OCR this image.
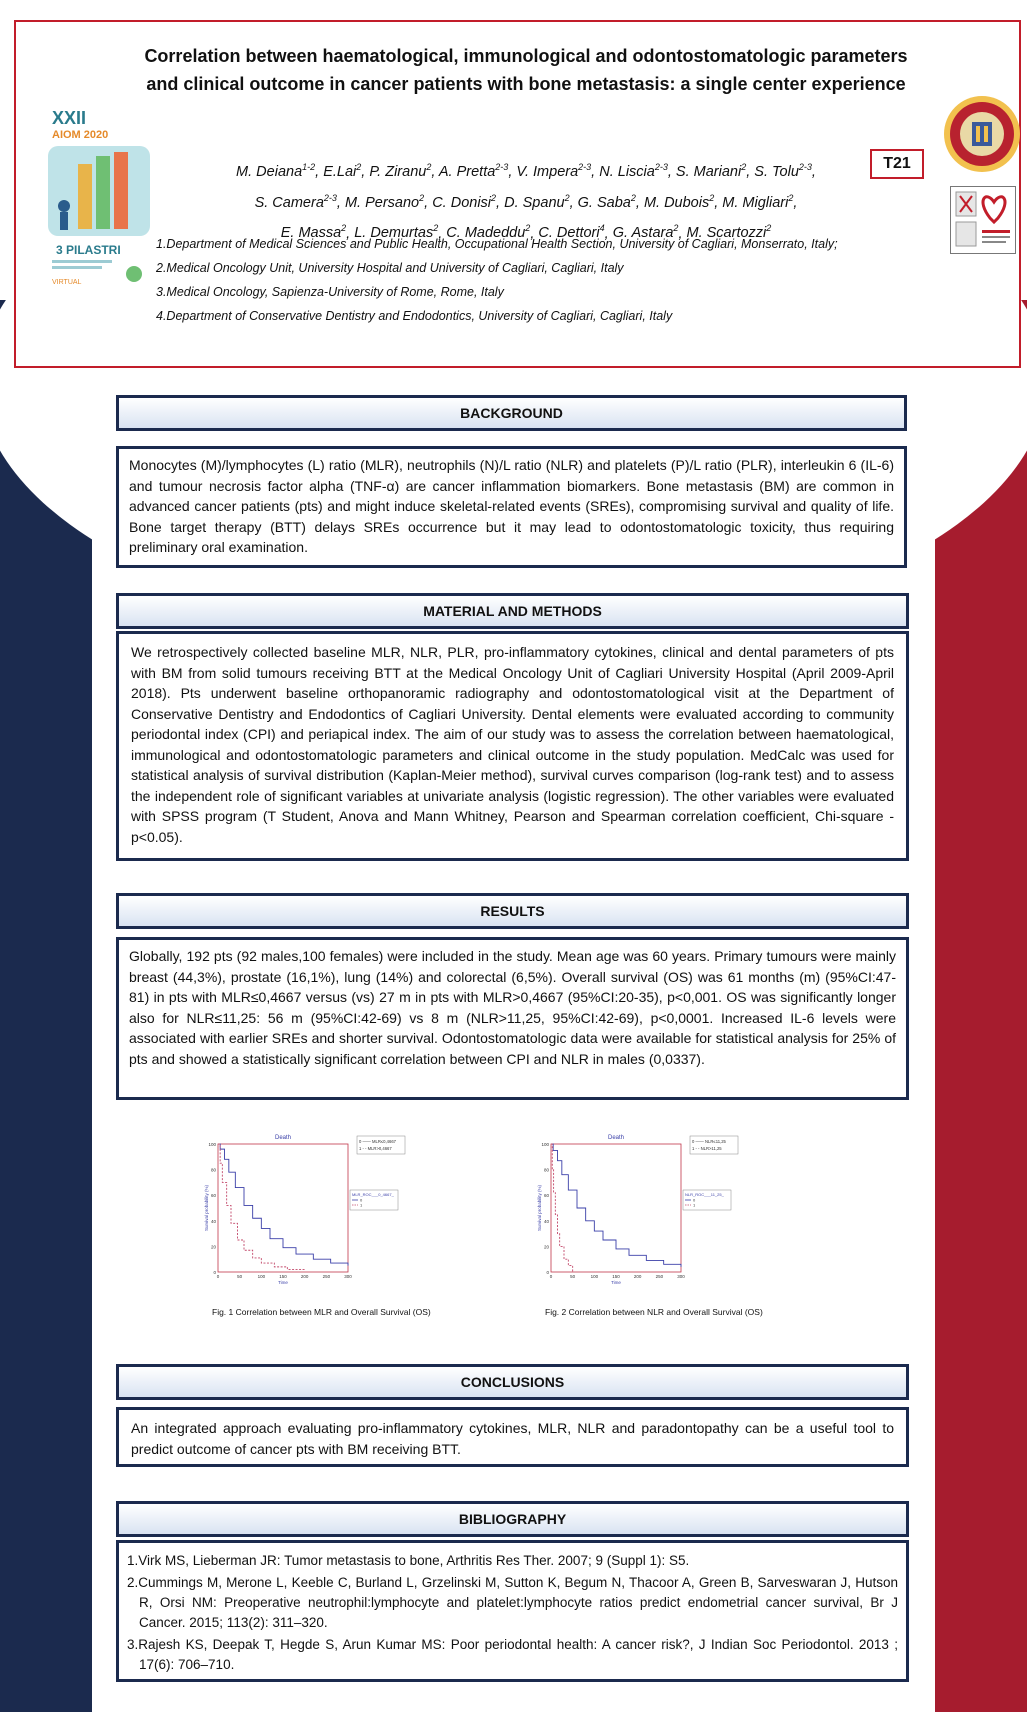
Correlation between haematological, immunological and odontostomatologic parameters and clinical outcome in cancer patients with bone metastasis: a single center experience
M. Deiana$^{1-2}$, E.Lai$^2$, P. Ziranu$^2$, A. Pretta$^{2-3}$, V. Impera$^{2-3}$, N. Liscia$^{2-3}$, S. Mariani$^2$, S. Tolu$^{2-3}$,
S. Camera$^{2-3}$, M. Persano$^2$, C. Donisi$^2$, D. Spanu$^2$, G. Saba$^2$, M. Dubois$^2$, M. Migliari$^2$,
E. Massa$^2$, L. Demurtas$^2$, C. Madeddu$^2$, C. Dettori$^4$, G. Astara$^2$, M. Scartozzi$^2$
1.Department of Medical Sciences and Public Health, Occupational Health Section, University of Cagliari, Monserrato, Italy;
2.Medical Oncology Unit, University Hospital and University of Cagliari, Cagliari, Italy
3.Medical Oncology, Sapienza-University of Rome, Rome, Italy
4.Department of Conservative Dentistry and Endodontics, University of Cagliari, Cagliari, Italy
T21
XXII
AIOM 2020
3 PILASTRI
VIRTUAL
BACKGROUND
Monocytes (M)/lymphocytes (L) ratio (MLR), neutrophils (N)/L ratio (NLR) and platelets (P)/L ratio (PLR), interleukin 6 (IL-6) and tumour necrosis factor alpha (TNF-α) are cancer inflammation biomarkers. Bone metastasis (BM) are common in advanced cancer patients (pts) and might induce skeletal-related events (SREs), compromising survival and quality of life. Bone target therapy (BTT) delays SREs occurrence but it may lead to odontostomatologic toxicity, thus requiring preliminary oral examination.
MATERIAL AND METHODS
We retrospectively collected baseline MLR, NLR, PLR, pro-inflammatory cytokines, clinical and dental parameters of pts with BM from solid tumours receiving BTT at the Medical Oncology Unit of Cagliari University Hospital (April 2009-April 2018). Pts underwent baseline orthopanoramic radiography and odontostomatological visit at the Department of Conservative Dentistry and Endodontics of Cagliari University. Dental elements were evaluated according to community periodontal index (CPI) and periapical index. The aim of our study was to assess the correlation between haematological, immunological and odontostomatologic parameters and clinical outcome in the study population. MedCalc was used for statistical analysis of survival distribution (Kaplan-Meier method), survival curves comparison (log-rank test) and to assess the independent role of significant variables at univariate analysis (logistic regression). The other variables were evaluated with SPSS program (T Student, Anova and Mann Whitney, Pearson and Spearman correlation coefficient, Chi-square - p<0.05).
RESULTS
Globally, 192 pts (92 males,100 females) were included in the study. Mean age was 60 years. Primary tumours were mainly breast (44,3%), prostate (16,1%), lung (14%) and colorectal (6,5%). Overall survival (OS) was 61 months (m) (95%CI:47-81) in pts with MLR≤0,4667 versus (vs) 27 m in pts with MLR>0,4667 (95%CI:20-35), p<0,001. OS was significantly longer also for NLR≤11,25: 56 m (95%CI:42-69) vs 8 m (NLR>11,25, 95%CI:42-69), p<0,0001. Increased IL-6 levels were associated with earlier SREs and shorter survival. Odontostomatologic data were available for statistical analysis for 25% of pts and showed a statistically significant correlation between CPI and NLR in males (0,0337).
Death
0
20
40
60
80
100
0	50	100	150	200	250	300
Time
Survival probability (%)
0 —— MLR≤0,4667
1 - - MLR>0,4667
MLR_ROC___0_4667_
0
1
Death
0
20
40
60
80
100
0	50	100	150	200	250	300
Time
Survival probability (%)
0 —— NLR≤11,25
1 - - NLR>11,25
NLR_ROC___11_25_
0
1
Fig. 1 Correlation between MLR and Overall Survival (OS)	Fig. 2 Correlation between NLR and Overall Survival (OS)
CONCLUSIONS
An integrated approach evaluating pro-inflammatory cytokines, MLR, NLR and paradontopathy can be a useful tool to predict outcome of cancer pts with BM receiving BTT.
BIBLIOGRAPHY
1.Virk MS, Lieberman JR: Tumor metastasis to bone, Arthritis Res Ther. 2007; 9 (Suppl 1): S5.
2.Cummings M, Merone L, Keeble C, Burland L, Grzelinski M, Sutton K, Begum N, Thacoor A, Green B, Sarveswaran J, Hutson R, Orsi NM: Preoperative neutrophil:lymphocyte and platelet:lymphocyte ratios predict endometrial cancer survival, Br J Cancer. 2015; 113(2): 311–320.
3.Rajesh KS, Deepak T, Hegde S, Arun Kumar MS: Poor periodontal health: A cancer risk?, J Indian Soc Periodontol. 2013 ; 17(6): 706–710.
